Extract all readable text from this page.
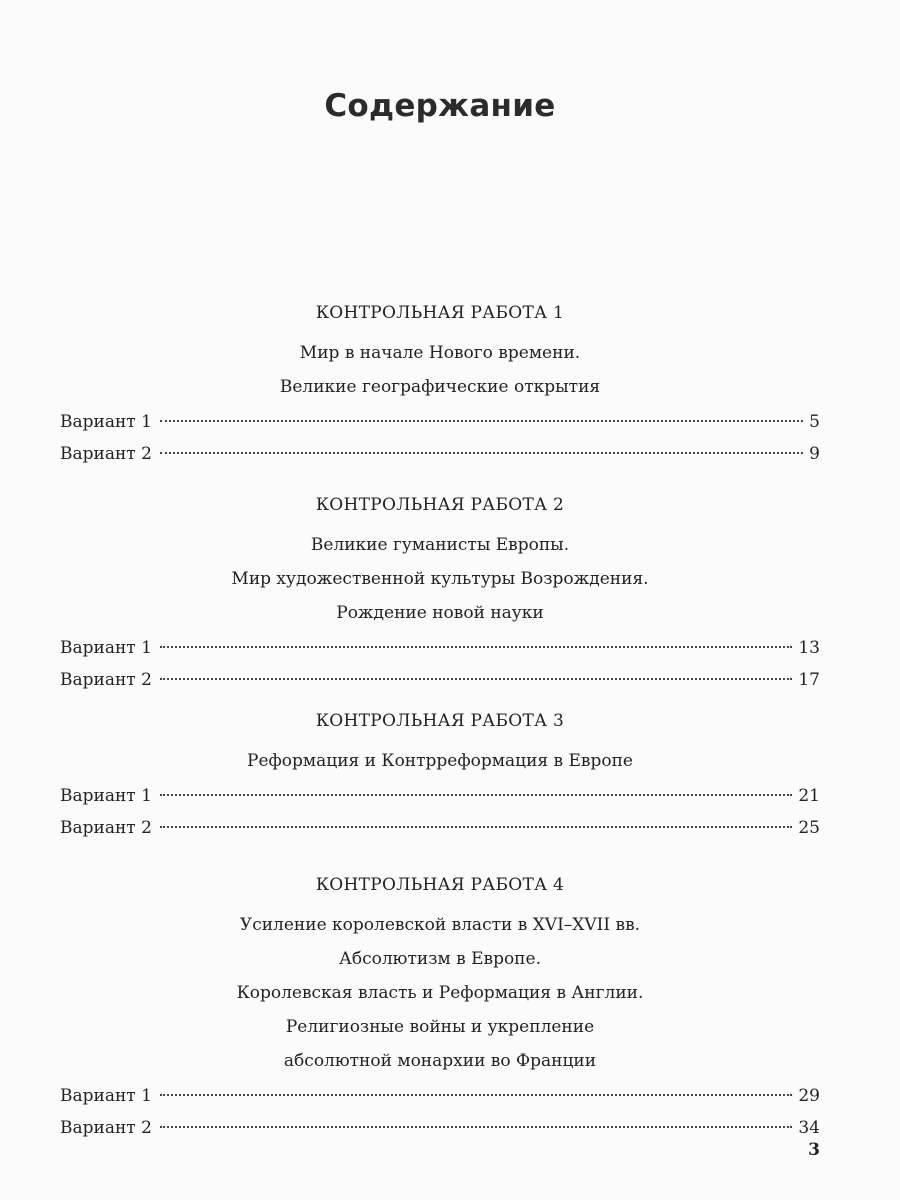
Содержание
КОНТРОЛЬНАЯ РАБОТА 1
Мир в начале Нового времени.
Великие географические открытия
Вариант 1	5
Вариант 2	9
КОНТРОЛЬНАЯ РАБОТА 2
Великие гуманисты Европы.
Мир художественной культуры Возрождения.
Рождение новой науки
Вариант 1	13
Вариант 2	17
КОНТРОЛЬНАЯ РАБОТА 3
Реформация и Контрреформация в Европе
Вариант 1	21
Вариант 2	25
КОНТРОЛЬНАЯ РАБОТА 4
Усиление королевской власти в XVI–XVII вв.
Абсолютизм в Европе.
Королевская власть и Реформация в Англии.
Религиозные войны и укрепление
абсолютной монархии во Франции
Вариант 1	29
Вариант 2	34
3
